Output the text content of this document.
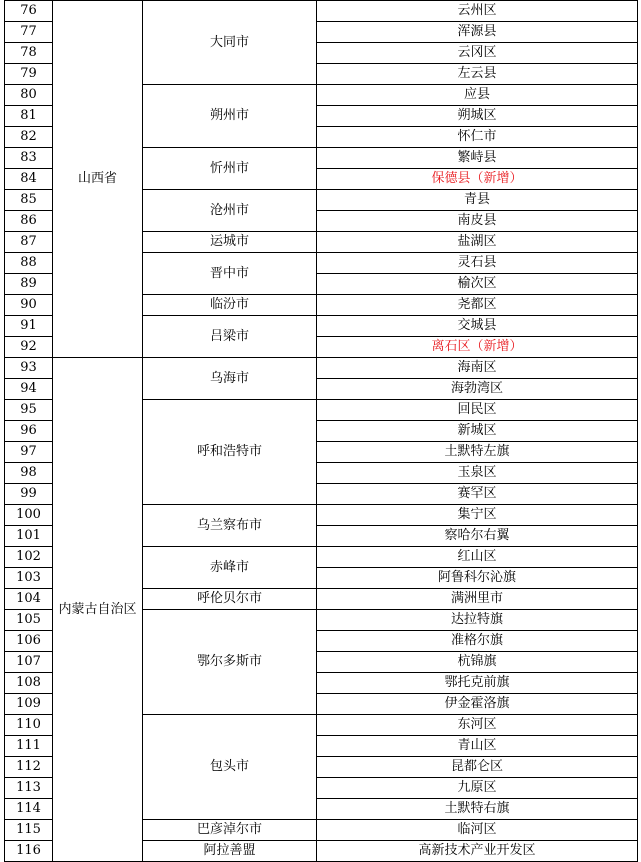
76	山西省	大同市	云州区
77			浑源县
78			云冈区
79			左云县
80		朔州市	应县
81			朔城区
82			怀仁市
83		忻州市	繁峙县
84			保德县（新增）
85		沧州市	青县
86			南皮县
87		运城市	盐湖区
88		晋中市	灵石县
89			榆次区
90		临汾市	尧都区
91		吕梁市	交城县
92			离石区（新增）
93	内蒙古自治区	乌海市	海南区
94			海勃湾区
95		呼和浩特市	回民区
96			新城区
97			土默特左旗
98			玉泉区
99			赛罕区
100		乌兰察布市	集宁区
101			察哈尔右翼
102		赤峰市	红山区
103			阿鲁科尔沁旗
104		呼伦贝尔市	满洲里市
105		鄂尔多斯市	达拉特旗
106			准格尔旗
107			杭锦旗
108			鄂托克前旗
109			伊金霍洛旗
110		包头市	东河区
111			青山区
112			昆都仑区
113			九原区
114			土默特右旗
115		巴彦淖尔市	临河区
116		阿拉善盟	高新技术产业开发区
